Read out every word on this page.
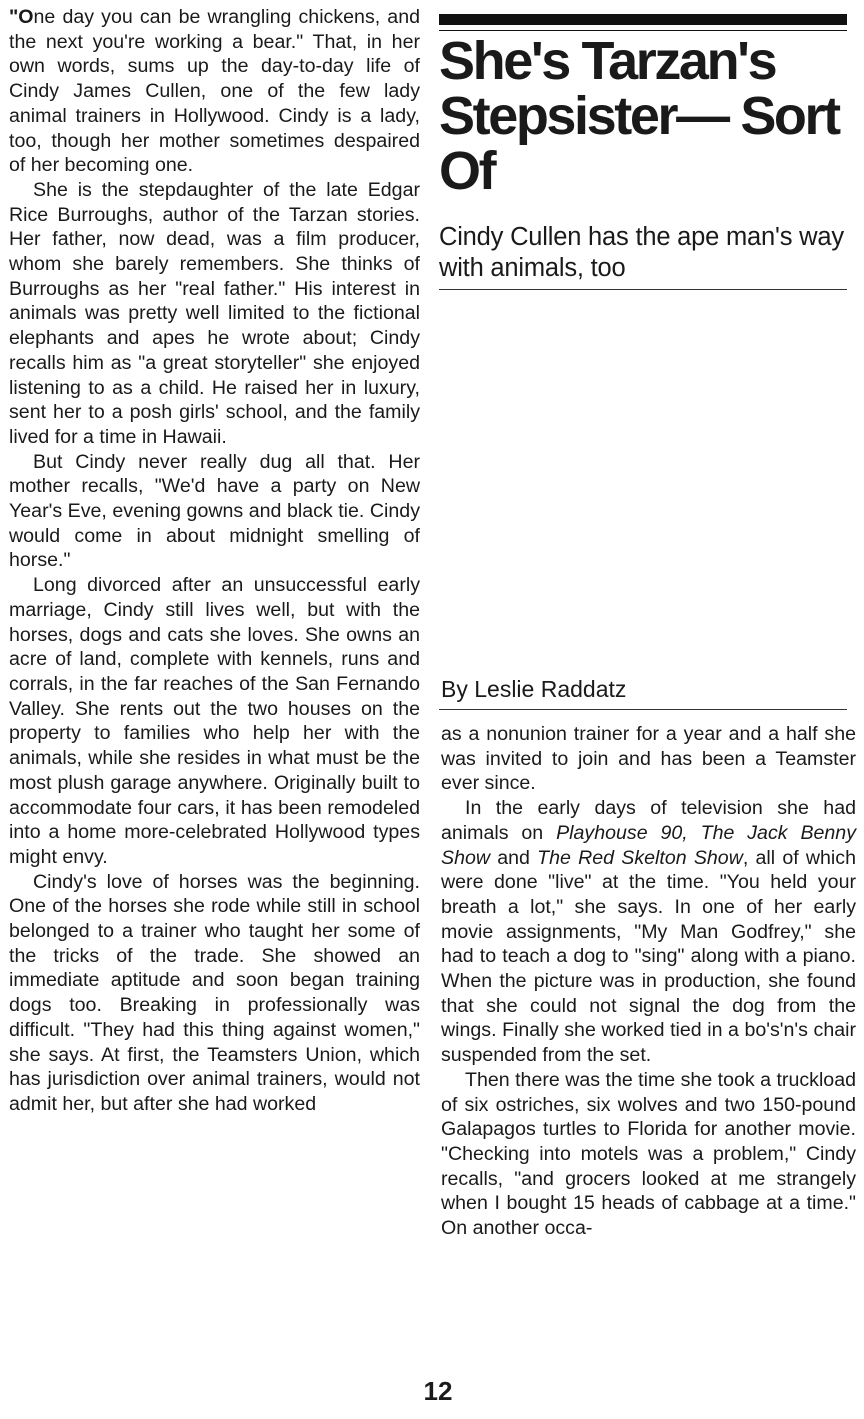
"One day you can be wrangling chickens, and the next you're working a bear." That, in her own words, sums up the day-to-day life of Cindy James Cullen, one of the few lady animal trainers in Hollywood. Cindy is a lady, too, though her mother sometimes despaired of her becoming one.

She is the stepdaughter of the late Edgar Rice Burroughs, author of the Tarzan stories. Her father, now dead, was a film producer, whom she barely remembers. She thinks of Burroughs as her "real father." His interest in animals was pretty well limited to the fictional elephants and apes he wrote about; Cindy recalls him as "a great storyteller" she enjoyed listening to as a child. He raised her in luxury, sent her to a posh girls' school, and the family lived for a time in Hawaii.

But Cindy never really dug all that. Her mother recalls, "We'd have a party on New Year's Eve, evening gowns and black tie. Cindy would come in about midnight smelling of horse."

Long divorced after an unsuccessful early marriage, Cindy still lives well, but with the horses, dogs and cats she loves. She owns an acre of land, complete with kennels, runs and corrals, in the far reaches of the San Fernando Valley. She rents out the two houses on the property to families who help her with the animals, while she resides in what must be the most plush garage anywhere. Originally built to accommodate four cars, it has been remodeled into a home more-celebrated Hollywood types might envy.

Cindy's love of horses was the beginning. One of the horses she rode while still in school belonged to a trainer who taught her some of the tricks of the trade. She showed an immediate aptitude and soon began training dogs too. Breaking in professionally was difficult. "They had this thing against women," she says. At first, the Teamsters Union, which has jurisdiction over animal trainers, would not admit her, but after she had worked

She's Tarzan's Stepsister— Sort Of

Cindy Cullen has the ape man's way with animals, too

By Leslie Raddatz

as a nonunion trainer for a year and a half she was invited to join and has been a Teamster ever since.

In the early days of television she had animals on Playhouse 90, The Jack Benny Show and The Red Skelton Show, all of which were done "live" at the time. "You held your breath a lot," she says. In one of her early movie assignments, "My Man Godfrey," she had to teach a dog to "sing" along with a piano. When the picture was in production, she found that she could not signal the dog from the wings. Finally she worked tied in a bo's'n's chair suspended from the set.

Then there was the time she took a truckload of six ostriches, six wolves and two 150-pound Galapagos turtles to Florida for another movie. "Checking into motels was a problem," Cindy recalls, "and grocers looked at me strangely when I bought 15 heads of cabbage at a time." On another occa-

12
